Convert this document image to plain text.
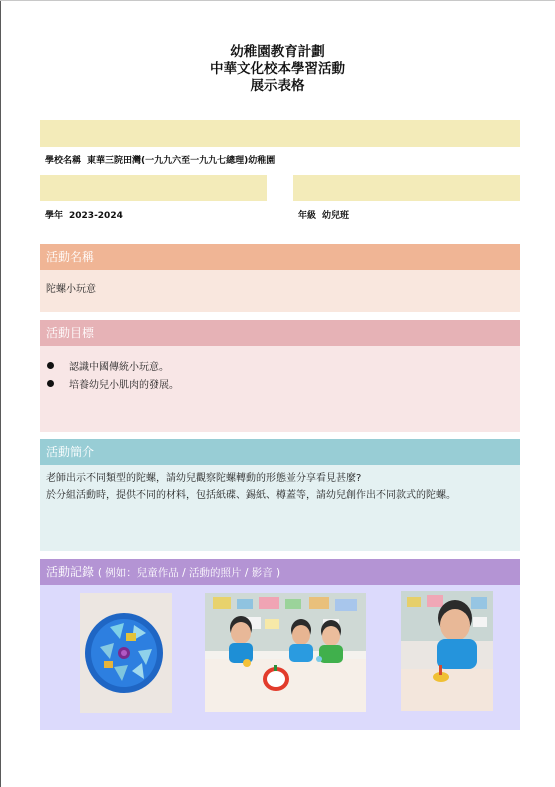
幼稚園教育計劃
中華文化校本學習活動
展示表格
學校名稱 東華三院田灣(一九九六至一九九七總理)幼稚園
學年 2023-2024	年級 幼兒班
活動名稱
陀螺小玩意
活動目標
認識中國傳統小玩意。
培養幼兒小肌肉的發展。
活動簡介
老師出示不同類型的陀螺，請幼兒觀察陀螺轉動的形態並分享看見甚麼?
於分組活動時，提供不同的材料，包括紙碟、錫紙、樽蓋等，請幼兒創作出不同款式的陀螺。
活動記錄 ( 例如：兒童作品 / 活動的照片 / 影音 )
